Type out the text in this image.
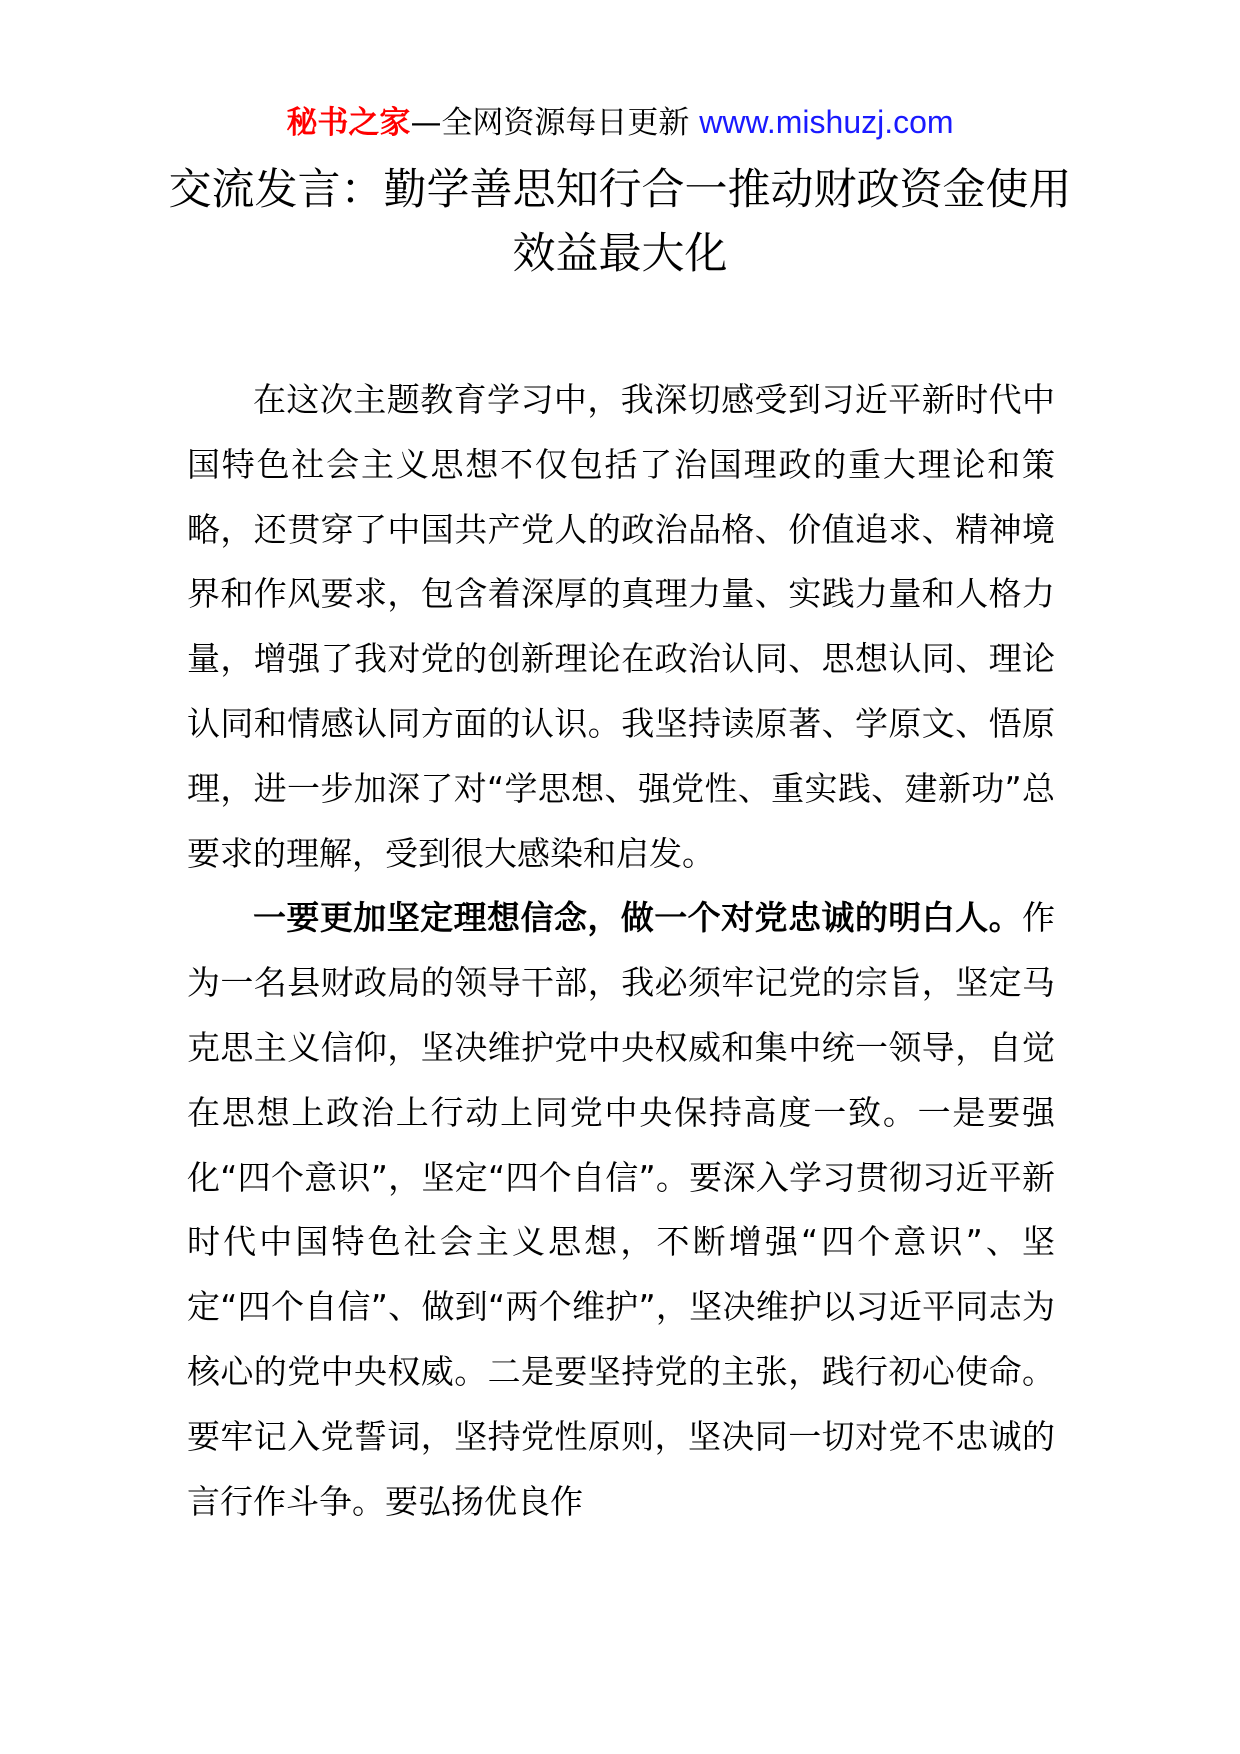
秘书之家—全网资源每日更新 www.mishuzj.com
交流发言：勤学善思知行合一推动财政资金使用效益最大化

在这次主题教育学习中，我深切感受到习近平新时代中国特色社会主义思想不仅包括了治国理政的重大理论和策略，还贯穿了中国共产党人的政治品格、价值追求、精神境界和作风要求，包含着深厚的真理力量、实践力量和人格力量，增强了我对党的创新理论在政治认同、思想认同、理论认同和情感认同方面的认识。我坚持读原著、学原文、悟原理，进一步加深了对“学思想、强党性、重实践、建新功”总要求的理解，受到很大感染和启发。

一要更加坚定理想信念，做一个对党忠诚的明白人。作为一名县财政局的领导干部，我必须牢记党的宗旨，坚定马克思主义信仰，坚决维护党中央权威和集中统一领导，自觉在思想上政治上行动上同党中央保持高度一致。一是要强化“四个意识”，坚定“四个自信”。要深入学习贯彻习近平新时代中国特色社会主义思想，不断增强“四个意识”、坚定“四个自信”、做到“两个维护”，坚决维护以习近平同志为核心的党中央权威。二是要坚持党的主张，践行初心使命。要牢记入党誓词，坚持党性原则，坚决同一切对党不忠诚的言行作斗争。要弘扬优良作
